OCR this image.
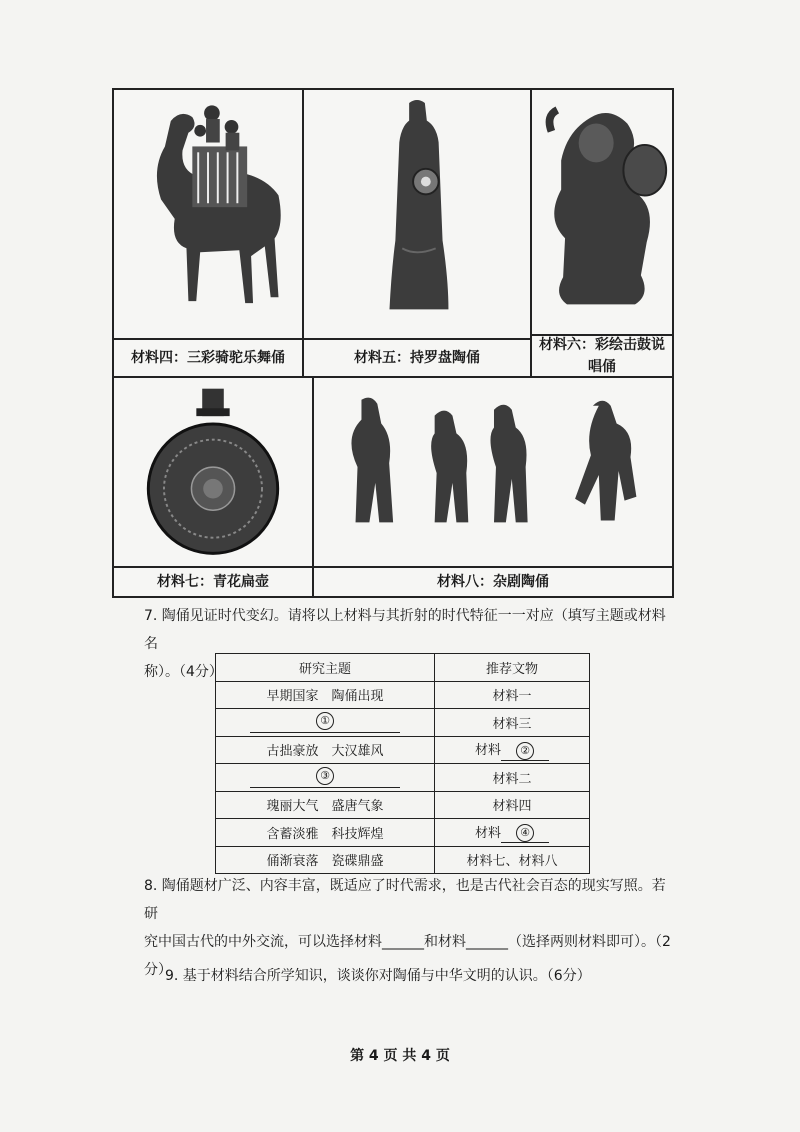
材料四：三彩骑驼乐舞俑	材料五：持罗盘陶俑
材料六：彩绘击鼓说
唱俑
材料七：青花扁壶	材料八：杂剧陶俑
7. 陶俑见证时代变幻。请将以上材料与其折射的时代特征一一对应（填写主题或材料名
称）。（4分）	研究主题	推荐文物
早期国家　陶俑出现	材料一
①	材料三
古拙豪放　大汉雄风	材料 ②
③	材料二
瑰丽大气　盛唐气象	材料四
含蓄淡雅　科技辉煌	材料 ④
俑渐衰落　瓷碟鼎盛	材料七、材料八
8. 陶俑题材广泛、内容丰富，既适应了时代需求，也是古代社会百态的现实写照。若研
究中国古代的中外交流，可以选择材料______和材料______（选择两则材料即可）。（2
分）
9. 基于材料结合所学知识，谈谈你对陶俑与中华文明的认识。（6分）
第 4 页 共 4 页
